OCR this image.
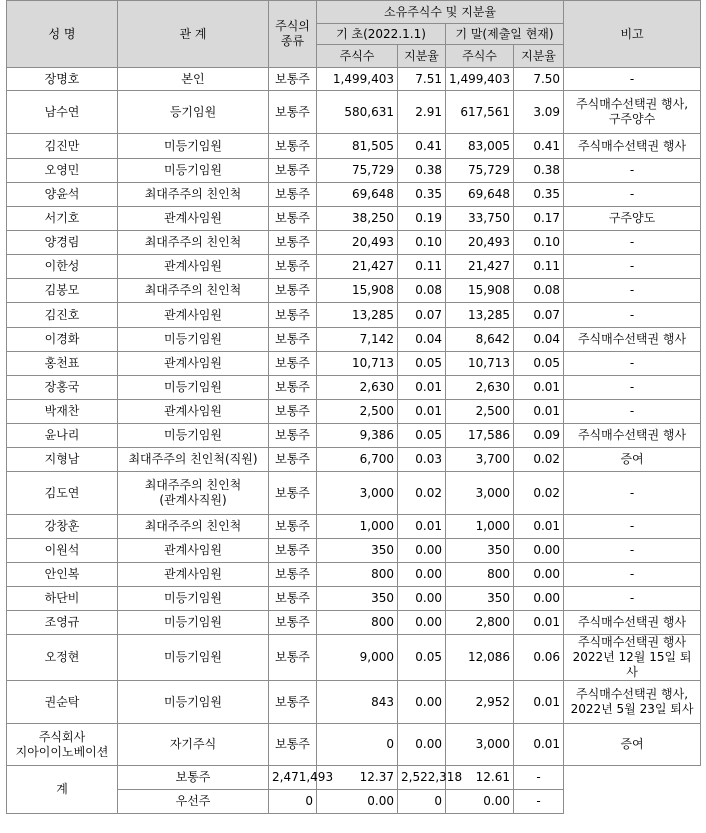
성 명	관 계	주식의
종류	소유주식수 및 지분율				비고
			기 초(2022.1.1)		기 말(제출일 현재)		
			주식수	지분율	주식수	지분율	
장명호	본인	보통주	1,499,403	7.51	1,499,403	7.50	-
남수연	등기임원	보통주	580,631	2.91	617,561	3.09	주식매수선택권 행사,
구주양수
김진만	미등기임원	보통주	81,505	0.41	83,005	0.41	주식매수선택권 행사
오영민	미등기임원	보통주	75,729	0.38	75,729	0.38	-
양윤석	최대주주의 친인척	보통주	69,648	0.35	69,648	0.35	-
서기호	관계사임원	보통주	38,250	0.19	33,750	0.17	구주양도
양경림	최대주주의 친인척	보통주	20,493	0.10	20,493	0.10	-
이한성	관계사임원	보통주	21,427	0.11	21,427	0.11	-
김봉모	최대주주의 친인척	보통주	15,908	0.08	15,908	0.08	-
김진호	관계사임원	보통주	13,285	0.07	13,285	0.07	-
이경화	미등기임원	보통주	7,142	0.04	8,642	0.04	주식매수선택권 행사
홍천표	관계사임원	보통주	10,713	0.05	10,713	0.05	-
장홍국	미등기임원	보통주	2,630	0.01	2,630	0.01	-
박재찬	관계사임원	보통주	2,500	0.01	2,500	0.01	-
윤나리	미등기임원	보통주	9,386	0.05	17,586	0.09	주식매수선택권 행사
지형남	최대주주의 친인척(직원)	보통주	6,700	0.03	3,700	0.02	증여
김도연	최대주주의 친인척
(관계사직원)	보통주	3,000	0.02	3,000	0.02	-
강창훈	최대주주의 친인척	보통주	1,000	0.01	1,000	0.01	-
이원석	관계사임원	보통주	350	0.00	350	0.00	-
안인복	관계사임원	보통주	800	0.00	800	0.00	-
하단비	미등기임원	보통주	350	0.00	350	0.00	-
조영규	미등기임원	보통주	800	0.00	2,800	0.01	주식매수선택권 행사
오정현	미등기임원	보통주	9,000	0.05	12,086	0.06	주식매수선택권 행사
2022년 12월 15일 퇴사
권순탁	미등기임원	보통주	843	0.00	2,952	0.01	주식매수선택권 행사,
2022년 5월 23일 퇴사
주식회사
지아이이노베이션	자기주식	보통주	0	0.00	3,000	0.01	증여
계	보통주	2,471,493	12.37	2,522,318	12.61	-	
	우선주	0	0.00	0	0.00	-	
